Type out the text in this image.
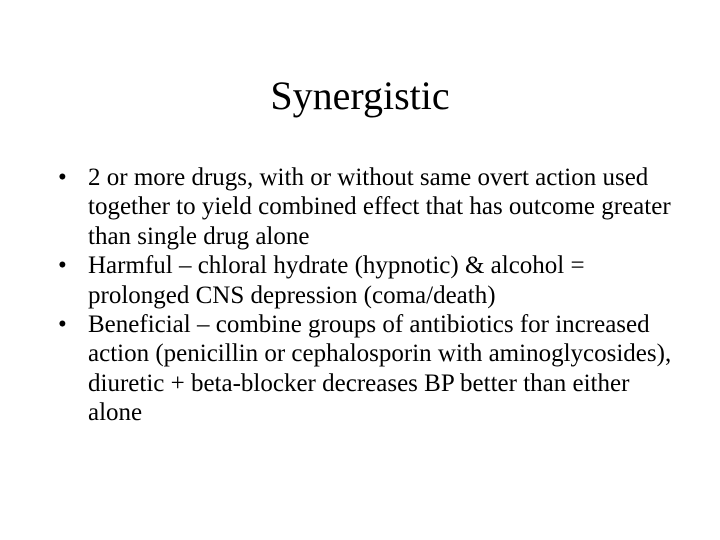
Synergistic
• 2 or more drugs, with or without same overt action used together to yield combined effect that has outcome greater than single drug alone
• Harmful – chloral hydrate (hypnotic) & alcohol = prolonged CNS depression (coma/death)
• Beneficial – combine groups of antibiotics for increased action (penicillin or cephalosporin with aminoglycosides), diuretic + beta-blocker decreases BP better than either alone
